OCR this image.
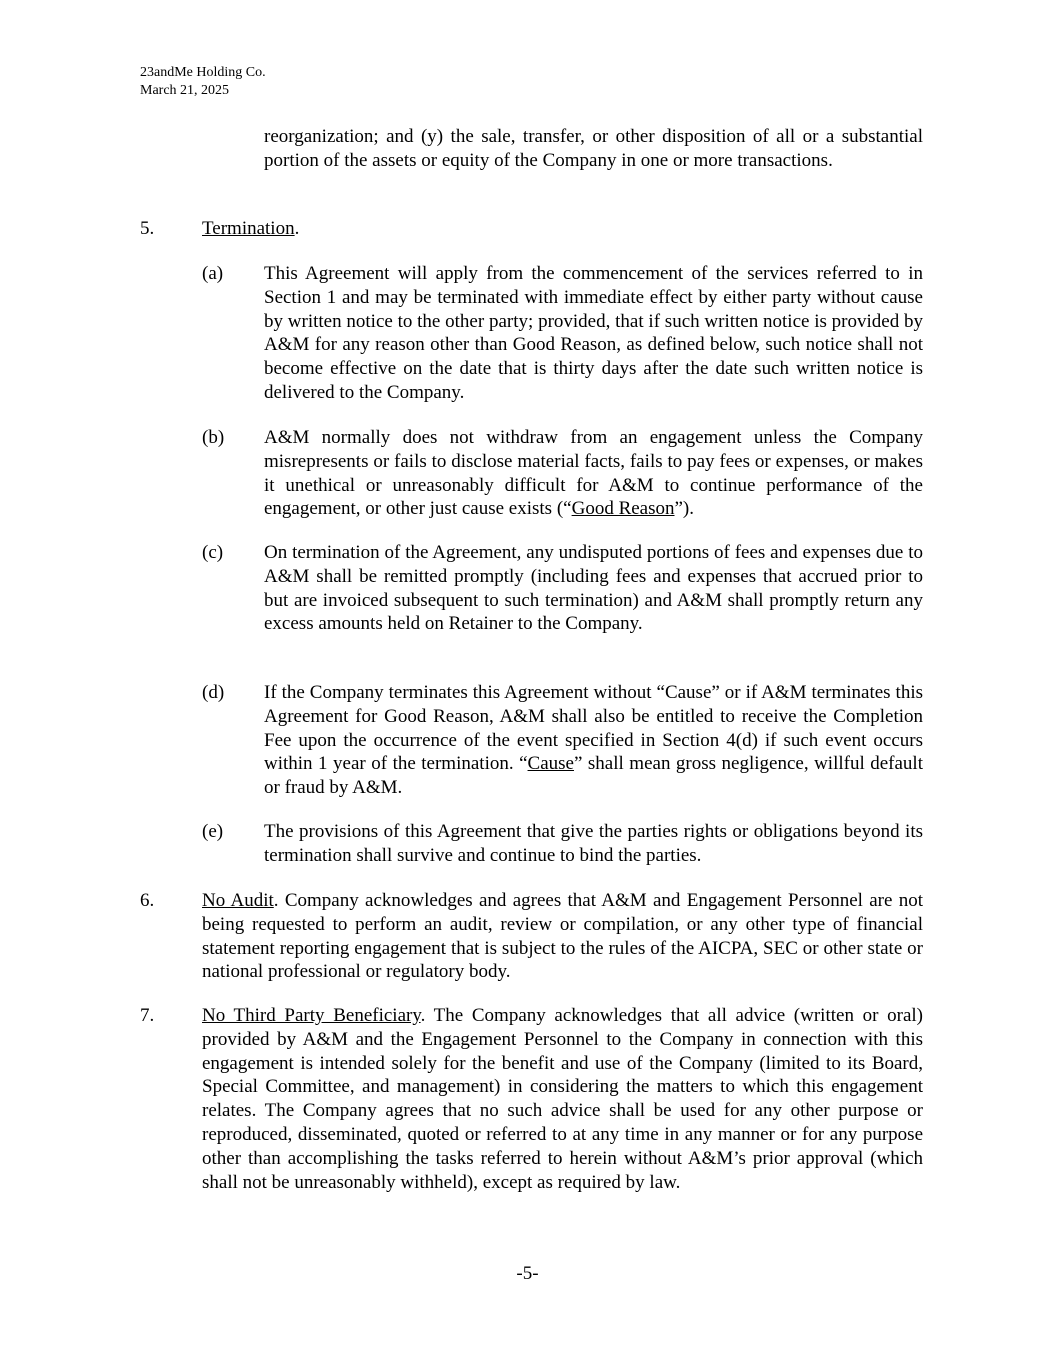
23andMe Holding Co.
March 21, 2025
reorganization; and (y) the sale, transfer, or other disposition of all or a substantial portion of the assets or equity of the Company in one or more transactions.
5.	Termination.
(a) This Agreement will apply from the commencement of the services referred to in Section 1 and may be terminated with immediate effect by either party without cause by written notice to the other party; provided, that if such written notice is provided by A&M for any reason other than Good Reason, as defined below, such notice shall not become effective on the date that is thirty days after the date such written notice is delivered to the Company.
(b) A&M normally does not withdraw from an engagement unless the Company misrepresents or fails to disclose material facts, fails to pay fees or expenses, or makes it unethical or unreasonably difficult for A&M to continue performance of the engagement, or other just cause exists (“Good Reason”).
(c) On termination of the Agreement, any undisputed portions of fees and expenses due to A&M shall be remitted promptly (including fees and expenses that accrued prior to but are invoiced subsequent to such termination) and A&M shall promptly return any excess amounts held on Retainer to the Company.
(d) If the Company terminates this Agreement without “Cause” or if A&M terminates this Agreement for Good Reason, A&M shall also be entitled to receive the Completion Fee upon the occurrence of the event specified in Section 4(d) if such event occurs within 1 year of the termination. “Cause” shall mean gross negligence, willful default or fraud by A&M.
(e) The provisions of this Agreement that give the parties rights or obligations beyond its termination shall survive and continue to bind the parties.
6.	No Audit. Company acknowledges and agrees that A&M and Engagement Personnel are not being requested to perform an audit, review or compilation, or any other type of financial statement reporting engagement that is subject to the rules of the AICPA, SEC or other state or national professional or regulatory body.
7.	No Third Party Beneficiary. The Company acknowledges that all advice (written or oral) provided by A&M and the Engagement Personnel to the Company in connection with this engagement is intended solely for the benefit and use of the Company (limited to its Board, Special Committee, and management) in considering the matters to which this engagement relates. The Company agrees that no such advice shall be used for any other purpose or reproduced, disseminated, quoted or referred to at any time in any manner or for any purpose other than accomplishing the tasks referred to herein without A&M’s prior approval (which shall not be unreasonably withheld), except as required by law.
-5-
